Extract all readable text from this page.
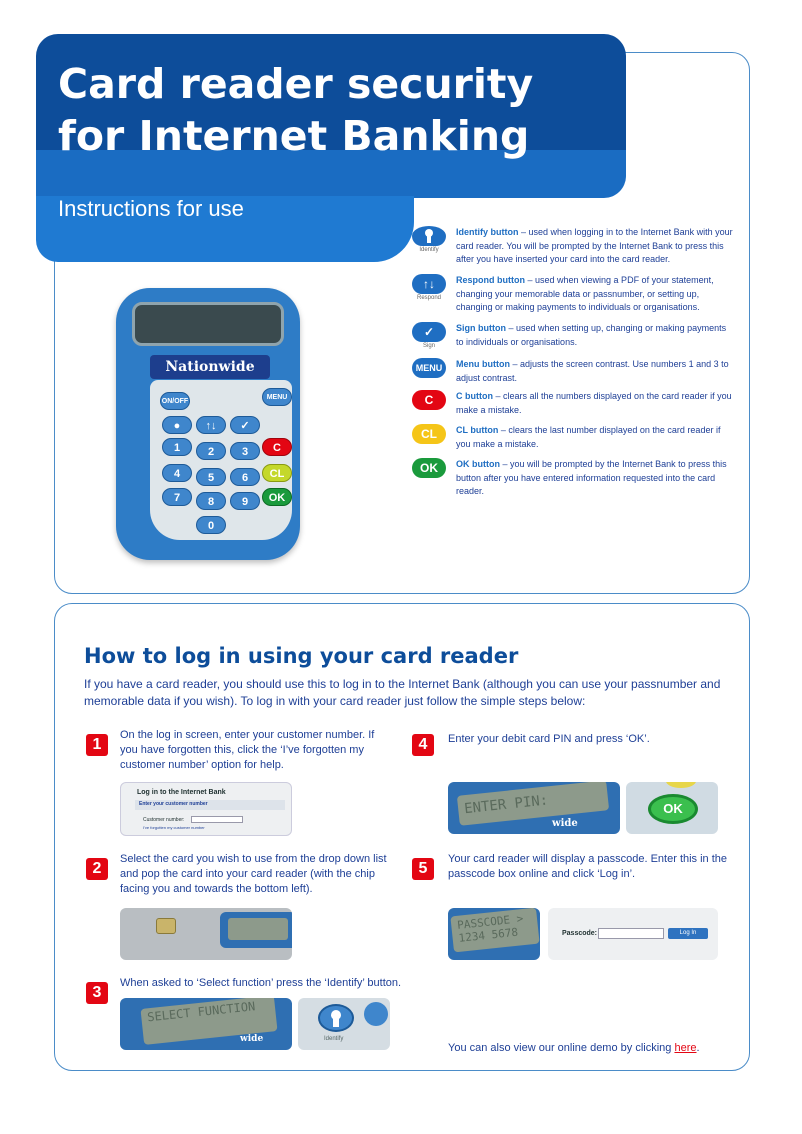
Card reader security
for Internet Banking
Instructions for use
Nationwide
ON/OFF
MENU
●	↑↓	✓
1	2	3	C
4	5	6	CL
7	8	9	OK
0
Identify
Identify button – used when logging in to the Internet Bank with your card reader. You will be prompted by the Internet Bank to press this after you have inserted your card into the card reader.
↑↓
Respond
Respond button – used when viewing a PDF of your statement, changing your memorable data or passnumber, or setting up, changing or making payments to individuals or organisations.
✓
Sign
Sign button – used when setting up, changing or making payments to individuals or organisations.
MENU	Menu button – adjusts the screen contrast. Use numbers 1 and 3 to adjust contrast.
C	C button – clears all the numbers displayed on the card reader if you make a mistake.
CL	CL button – clears the last number displayed on the card reader if you make a mistake.
OK	OK button – you will be prompted by the Internet Bank to press this button after you have entered information requested into the card reader.
How to log in using your card reader
If you have a card reader, you should use this to log in to the Internet Bank (although you can use your passnumber and memorable data if you wish). To log in with your card reader just follow the simple steps below:
1
On the log in screen, enter your customer number. If you have forgotten this, click the ‘I’ve forgotten my customer number’ option for help.
Log in to the Internet Bank
Enter your customer number
Customer number:
I've forgotten my customer number
2
Select the card you wish to use from the drop down list and pop the card into your card reader (with the chip facing you and towards the bottom left).
3
When asked to ‘Select function’ press the ‘Identify’ button.
SELECT FUNCTION
wide	Identify
4	Enter your debit card PIN and press ‘OK’.
ENTER PIN:
wide
OK
5
Your card reader will display a passcode. Enter this in the passcode box online and click ‘Log in’.
PASSCODE > 1234 5678	Passcode:	Log In
You can also view our online demo by clicking here.
